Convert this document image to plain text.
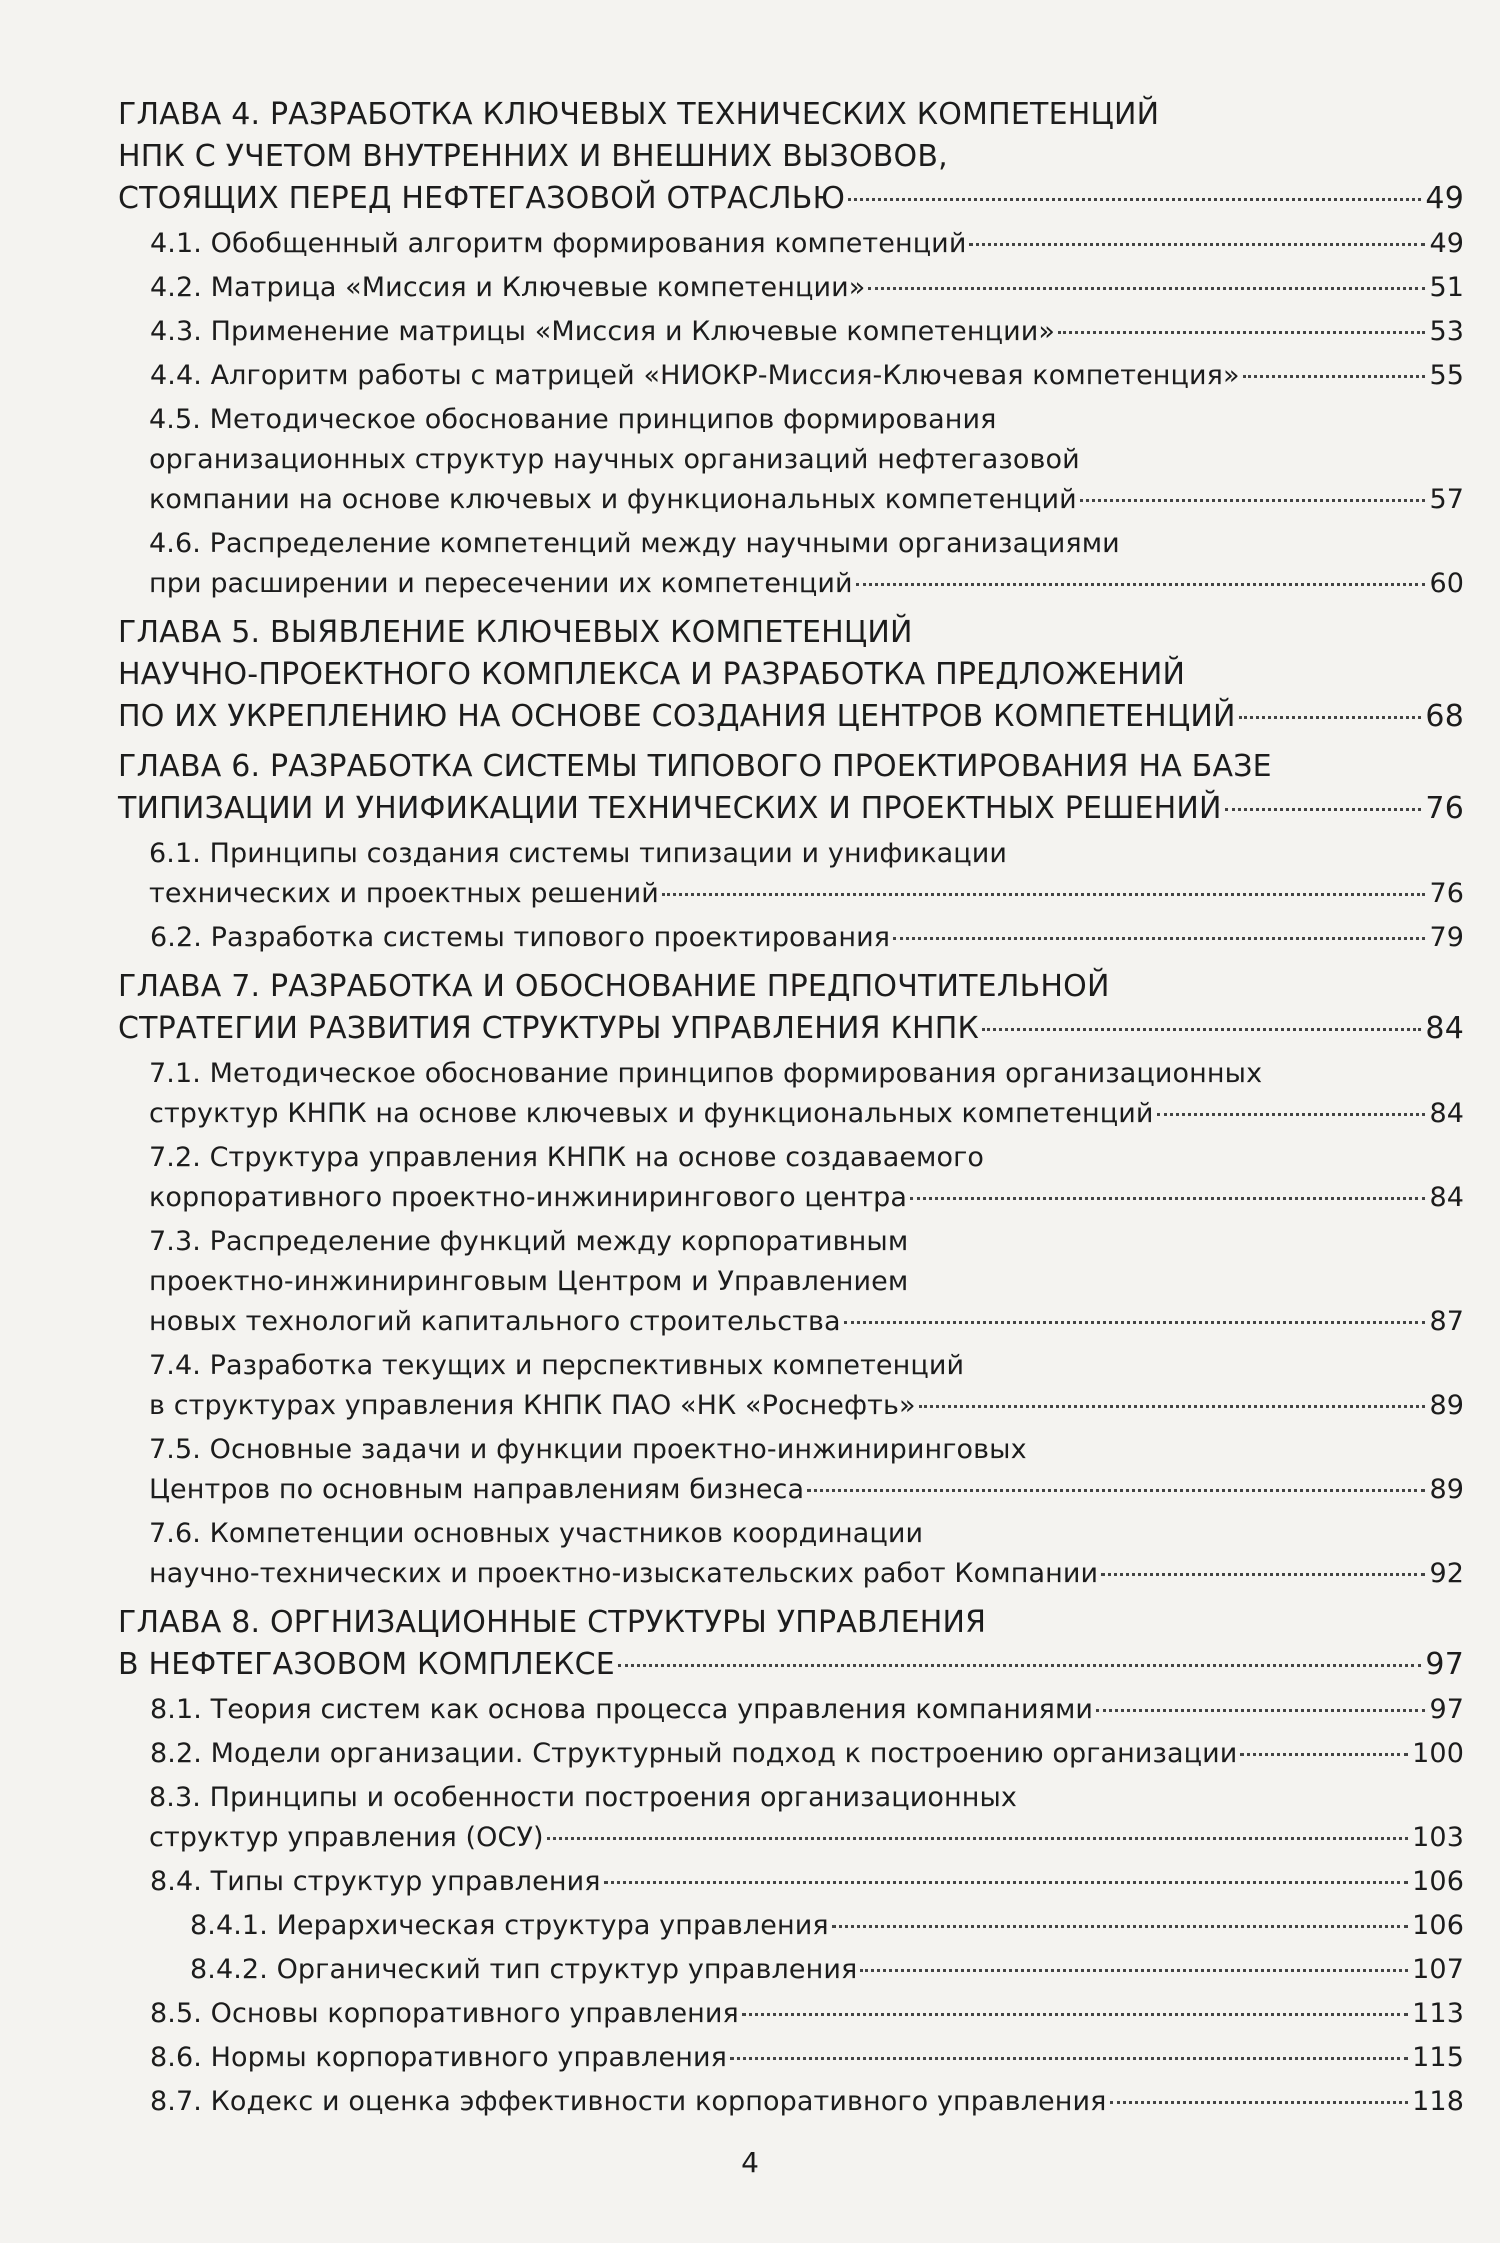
ГЛАВА 4. РАЗРАБОТКА КЛЮЧЕВЫХ ТЕХНИЧЕСКИХ КОМПЕТЕНЦИЙ
НПК С УЧЕТОМ ВНУТРЕННИХ И ВНЕШНИХ ВЫЗОВОВ,
СТОЯЩИХ ПЕРЕД НЕФТЕГАЗОВОЙ ОТРАСЛЬЮ	49
4.1. Обобщенный алгоритм формирования компетенций	49
4.2. Матрица «Миссия и Ключевые компетенции»	51
4.3. Применение матрицы «Миссия и Ключевые компетенции»	53
4.4. Алгоритм работы с матрицей «НИОКР-Миссия-Ключевая компетенция»	55
4.5. Методическое обоснование принципов формирования
организационных структур научных организаций нефтегазовой
компании на основе ключевых и функциональных компетенций	57
4.6. Распределение компетенций между научными организациями
при расширении и пересечении их компетенций	60
ГЛАВА 5. ВЫЯВЛЕНИЕ КЛЮЧЕВЫХ КОМПЕТЕНЦИЙ
НАУЧНО-ПРОЕКТНОГО КОМПЛЕКСА И РАЗРАБОТКА ПРЕДЛОЖЕНИЙ
ПО ИХ УКРЕПЛЕНИЮ НА ОСНОВЕ СОЗДАНИЯ ЦЕНТРОВ КОМПЕТЕНЦИЙ	68
ГЛАВА 6. РАЗРАБОТКА СИСТЕМЫ ТИПОВОГО ПРОЕКТИРОВАНИЯ НА БАЗЕ
ТИПИЗАЦИИ И УНИФИКАЦИИ ТЕХНИЧЕСКИХ И ПРОЕКТНЫХ РЕШЕНИЙ	76
6.1. Принципы создания системы типизации и унификации
технических и проектных решений	76
6.2. Разработка системы типового проектирования	79
ГЛАВА 7. РАЗРАБОТКА И ОБОСНОВАНИЕ ПРЕДПОЧТИТЕЛЬНОЙ
СТРАТЕГИИ РАЗВИТИЯ СТРУКТУРЫ УПРАВЛЕНИЯ КНПК	84
7.1. Методическое обоснование принципов формирования организационных
структур КНПК на основе ключевых и функциональных компетенций	84
7.2. Структура управления КНПК на основе создаваемого
корпоративного проектно-инжинирингового центра	84
7.3. Распределение функций между корпоративным
проектно-инжиниринговым Центром и Управлением
новых технологий капитального строительства	87
7.4. Разработка текущих и перспективных компетенций
в структурах управления КНПК ПАО «НК «Роснефть»	89
7.5. Основные задачи и функции проектно-инжиниринговых
Центров по основным направлениям бизнеса	89
7.6. Компетенции основных участников координации
научно-технических и проектно-изыскательских работ Компании	92
ГЛАВА 8. ОРГНИЗАЦИОННЫЕ СТРУКТУРЫ УПРАВЛЕНИЯ
В НЕФТЕГАЗОВОМ КОМПЛЕКСЕ	97
8.1. Теория систем как основа процесса управления компаниями	97
8.2. Модели организации. Структурный подход к построению организации	100
8.3. Принципы и особенности построения организационных
структур управления (ОСУ)	103
8.4. Типы структур управления	106
8.4.1. Иерархическая структура управления	106
8.4.2. Органический тип структур управления	107
8.5. Основы корпоративного управления	113
8.6. Нормы корпоративного управления	115
8.7. Кодекс и оценка эффективности корпоративного управления	118
4
